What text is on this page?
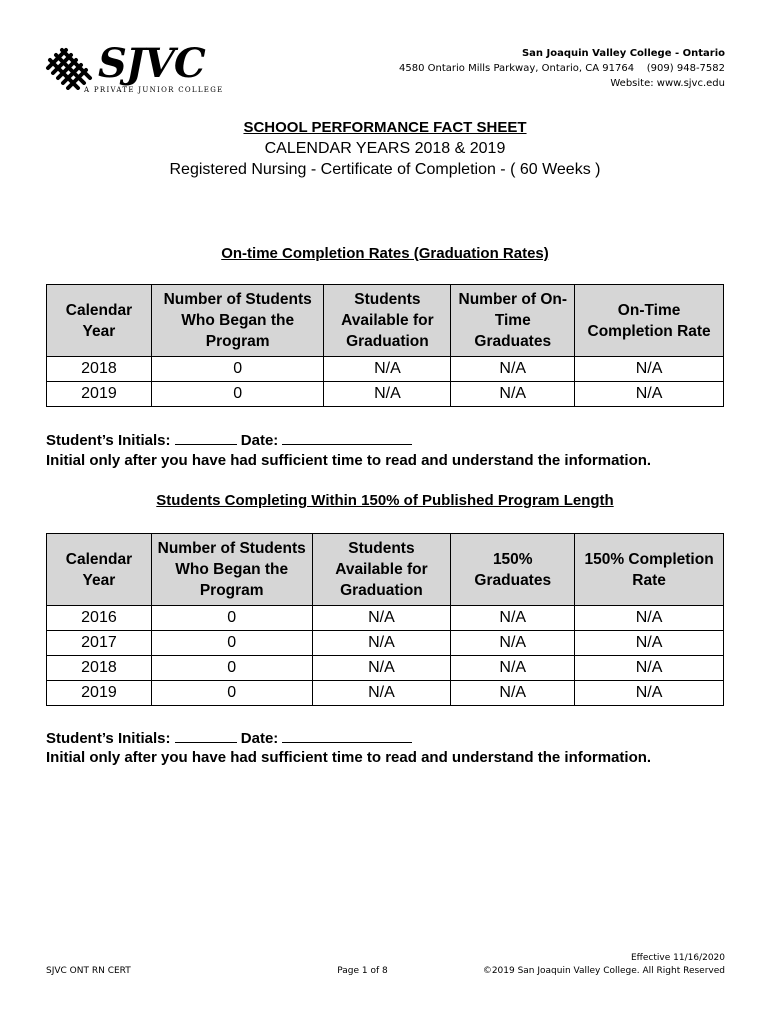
SJVC
A PRIVATE JUNIOR COLLEGE
San Joaquin Valley College - Ontario
4580 Ontario Mills Parkway, Ontario, CA 91764    (909) 948-7582
Website: www.sjvc.edu
SCHOOL PERFORMANCE FACT SHEET
CALENDAR YEARS 2018 & 2019
Registered Nursing - Certificate of Completion - ( 60 Weeks )
On-time Completion Rates (Graduation Rates)
Calendar Year	Number of Students Who Began the Program	Students Available for Graduation	Number of On-Time Graduates	On-Time Completion Rate
2018	0	N/A	N/A	N/A
2019	0	N/A	N/A	N/A
Student’s Initials:	Date:
Initial only after you have had sufficient time to read and understand the information.
Students Completing Within 150% of Published Program Length
Calendar Year	Number of Students Who Began the Program	Students Available for Graduation	150% Graduates	150% Completion Rate
2016	0	N/A	N/A	N/A
2017	0	N/A	N/A	N/A
2018	0	N/A	N/A	N/A
2019	0	N/A	N/A	N/A
Student’s Initials:	Date:
Initial only after you have had sufficient time to read and understand the information.
SJVC ONT RN CERT	Page 1 of 8
Effective 11/16/2020
©2019 San Joaquin Valley College. All Right Reserved
